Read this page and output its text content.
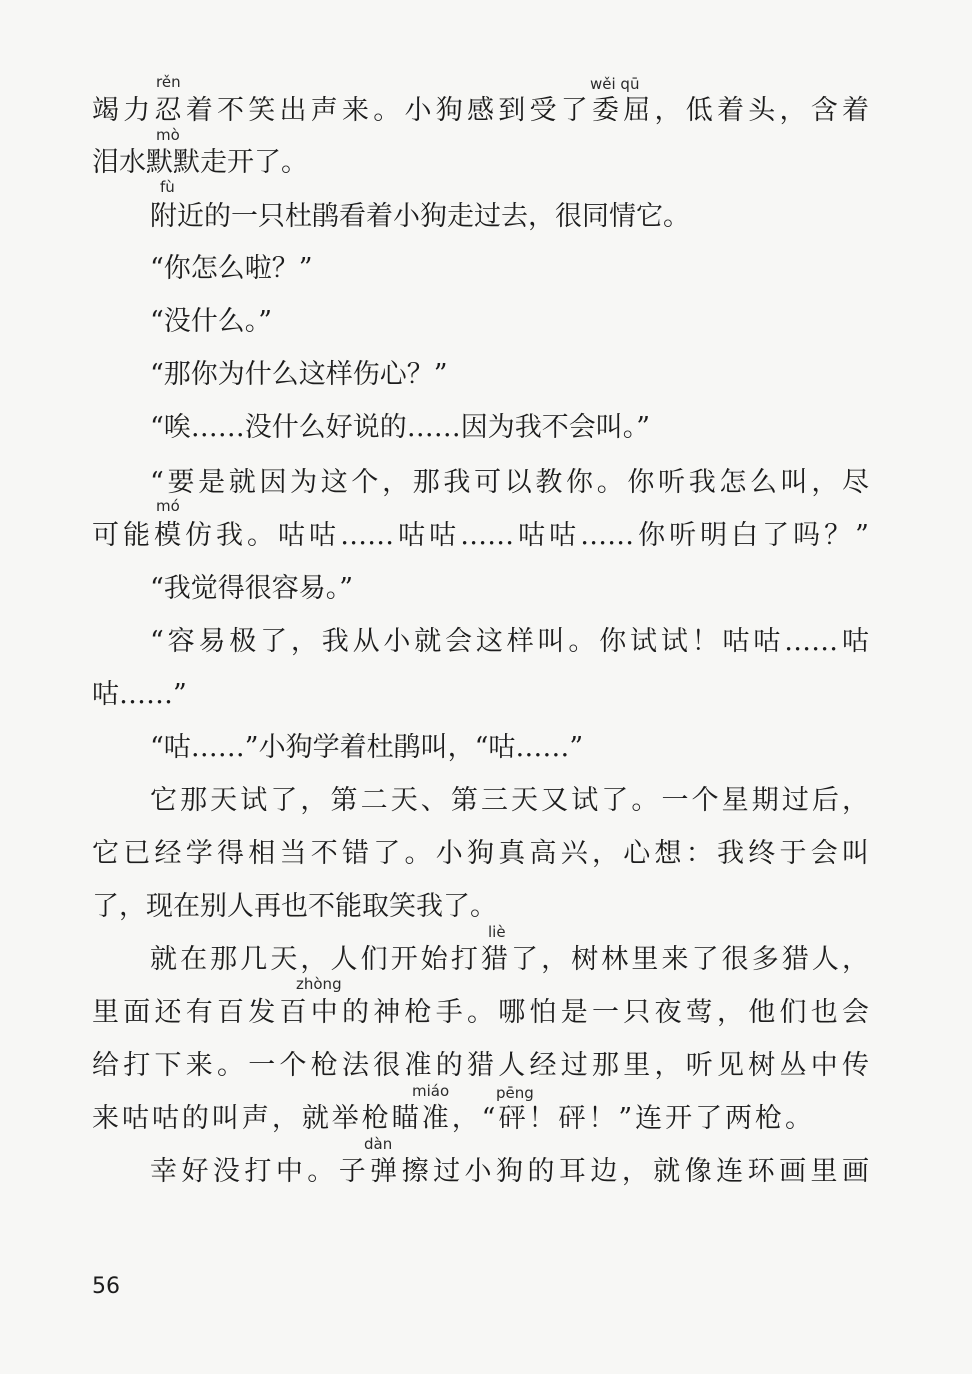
rěn	wěi qū
mò
fù
mó
liè
zhòng
miáo	pēng
dàn
竭力忍着不笑出声来。小狗感到受了委屈，低着头，含着
泪水默默走开了。
附近的一只杜鹃看着小狗走过去，很同情它。
“你怎么啦？”
“没什么。”
“那你为什么这样伤心？”
“唉……没什么好说的……因为我不会叫。”
“要是就因为这个，那我可以教你。你听我怎么叫，尽
可能模仿我。咕咕……咕咕……咕咕……你听明白了吗？”
“我觉得很容易。”
“容易极了，我从小就会这样叫。你试试！咕咕……咕
咕……”
“咕……”小狗学着杜鹃叫，“咕……”
它那天试了，第二天、第三天又试了。一个星期过后，
它已经学得相当不错了。小狗真高兴，心想：我终于会叫
了，现在别人再也不能取笑我了。
就在那几天，人们开始打猎了，树林里来了很多猎人，
里面还有百发百中的神枪手。哪怕是一只夜莺，他们也会
给打下来。一个枪法很准的猎人经过那里，听见树丛中传
来咕咕的叫声，就举枪瞄准，“砰！砰！”连开了两枪。
幸好没打中。子弹擦过小狗的耳边，就像连环画里画
56
